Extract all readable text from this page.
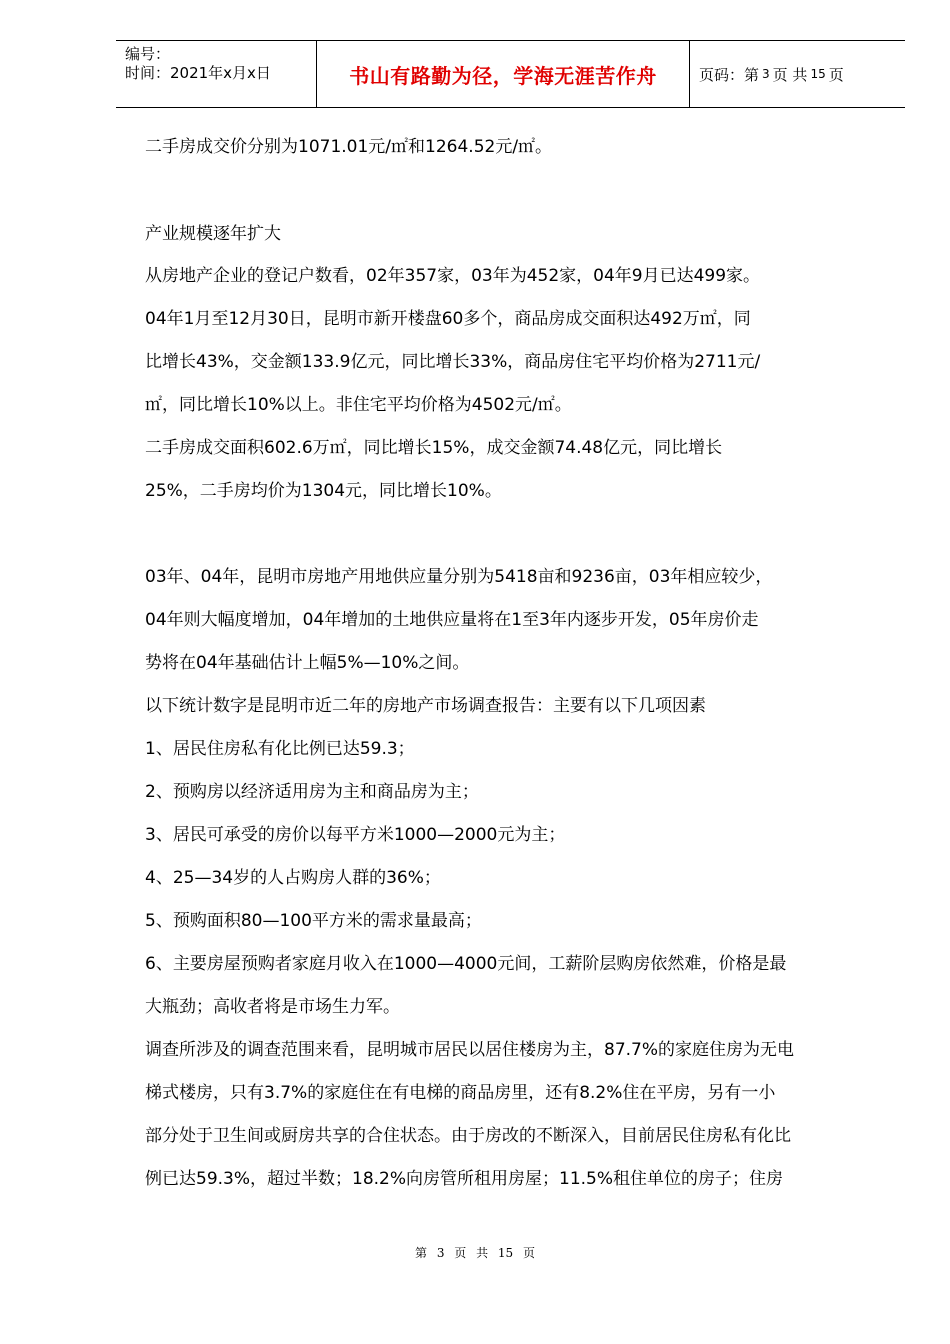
编号：
时间：2021年x月x日	书山有路勤为径，学海无涯苦作舟	页码：第 3 页 共 15 页
二手房成交价分别为1071.01元/㎡和1264.52元/㎡。
产业规模逐年扩大
从房地产企业的登记户数看，02年357家，03年为452家，04年9月已达499家。
04年1月至12月30日，昆明市新开楼盘60多个，商品房成交面积达492万㎡，同
比增长43%，交金额133.9亿元，同比增长33%，商品房住宅平均价格为2711元/
㎡，同比增长10%以上。非住宅平均价格为4502元/㎡。
二手房成交面积602.6万㎡，同比增长15%，成交金额74.48亿元，同比增长
25%，二手房均价为1304元，同比增长10%。
03年、04年，昆明市房地产用地供应量分别为5418亩和9236亩，03年相应较少，
04年则大幅度增加，04年增加的土地供应量将在1至3年内逐步开发，05年房价走
势将在04年基础估计上幅5%—10%之间。
以下统计数字是昆明市近二年的房地产市场调查报告：主要有以下几项因素
1、居民住房私有化比例已达59.3；
2、预购房以经济适用房为主和商品房为主；
3、居民可承受的房价以每平方米1000—2000元为主；
4、25—34岁的人占购房人群的36%；
5、预购面积80—100平方米的需求量最高；
6、主要房屋预购者家庭月收入在1000—4000元间，工薪阶层购房依然难，价格是最
大瓶劲；高收者将是市场生力军。
调查所涉及的调查范围来看，昆明城市居民以居住楼房为主，87.7%的家庭住房为无电
梯式楼房，只有3.7%的家庭住在有电梯的商品房里，还有8.2%住在平房，另有一小
部分处于卫生间或厨房共享的合住状态。由于房改的不断深入，目前居民住房私有化比
例已达59.3%，超过半数；18.2%向房管所租用房屋；11.5%租住单位的房子；住房
第 3 页 共 15 页
